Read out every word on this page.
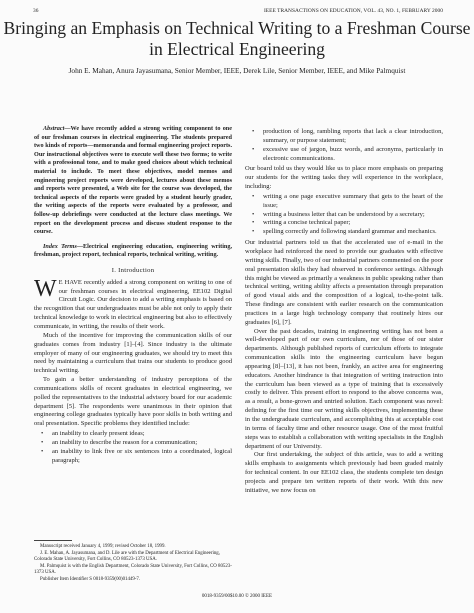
36	IEEE TRANSACTIONS ON EDUCATION, VOL. 43, NO. 1, FEBRUARY 2000
Bringing an Emphasis on Technical Writing to a Freshman Course in Electrical Engineering
John E. Mahan, Anura Jayasumana, Senior Member, IEEE, Derek Lile, Senior Member, IEEE, and Mike Palmquist

Abstract—We have recently added a strong writing component to one of our freshman courses in electrical engineering. The students prepared two kinds of reports—memoranda and formal engineering project reports. Our instructional objectives were to execute well these two forms; to write with a professional tone, and to make good choices about which technical material to include. To meet these objectives, model memos and engineering project reports were developed, lectures about these memos and reports were presented, a Web site for the course was developed, the technical aspects of the reports were graded by a student hourly grader, the writing aspects of the reports were evaluated by a professor, and follow-up debriefings were conducted at the lecture class meetings. We report on the development process and discuss student response to the course.

Index Terms—Electrical engineering education, engineering writing, freshman, project report, technical reports, technical writing, writing.

I. Introduction

W E HAVE recently added a strong component on writing to one of our freshman courses in electrical engineering, EE102 Digital Circuit Logic. Our decision to add a writing emphasis is based on the recognition that our undergraduates must be able not only to apply their technical knowledge to work in electrical engineering but also to effectively communicate, in writing, the results of their work.

Much of the incentive for improving the communication skills of our graduates comes from industry [1]–[4]. Since industry is the ultimate employer of many of our engineering graduates, we should try to meet this need by maintaining a curriculum that trains our students to produce good technical writing.

To gain a better understanding of industry perceptions of the communications skills of recent graduates in electrical engineering, we polled the representatives to the industrial advisory board for our academic department [5]. The respondents were unanimous in their opinion that engineering college graduates typically have poor skills in both writing and oral presentation. Specific problems they identified include:

• an inability to clearly present ideas;
• an inability to describe the reason for a communication;
• an inability to link five or six sentences into a coordinated, logical paragraph;

Manuscript received January 4, 1999; revised October 18, 1999.

J. E. Mahan, A. Jayasumana, and D. Lile are with the Department of Electrical Engineering, Colorado State University, Fort Collins, CO 80523-1373 USA.

M. Palmquist is with the English Department, Colorado State University, Fort Collins, CO 80523-1373 USA.

Publisher Item Identifier S 0018-9359(00)01449-7.

• production of long, rambling reports that lack a clear introduction, summary, or purpose statement;
• excessive use of jargon, buzz words, and acronyms, particularly in electronic communications.

Our board told us they would like us to place more emphasis on preparing our students for the writing tasks they will experience in the workplace, including:

• writing a one page executive summary that gets to the heart of the issue;
• writing a business letter that can be understood by a secretary;
• writing a concise technical paper;
• spelling correctly and following standard grammar and mechanics.

Our industrial partners told us that the accelerated use of e-mail in the workplace had reinforced the need to provide our graduates with effective writing skills. Finally, two of our industrial partners commented on the poor oral presentation skills they had observed in conference settings. Although this might be viewed as primarily a weakness in public speaking rather than technical writing, writing ability affects a presentation through preparation of good visual aids and the composition of a logical, to-the-point talk. These findings are consistent with earlier research on the communication practices in a large high technology company that routinely hires our graduates [6], [7].

Over the past decades, training in engineering writing has not been a well-developed part of our own curriculum, nor of those of our sister departments. Although published reports of curriculum efforts to integrate communication skills into the engineering curriculum have begun appearing [8]–[13], it has not been, frankly, an active area for engineering educators. Another hindrance is that integration of writing instruction into the curriculum has been viewed as a type of training that is excessively costly to deliver. This present effort to respond to the above concerns was, as a result, a bone-grown and untried solution. Each component was novel: defining for the first time our writing skills objectives, implementing these in the undergraduate curriculum, and accomplishing this at acceptable cost in terms of faculty time and other resource usage. One of the most fruitful steps was to establish a collaboration with writing specialists in the English department of our University.

Our first undertaking, the subject of this article, was to add a writing skills emphasis to assignments which previously had been graded mainly for technical content. In our EE102 class, the students complete ten design projects and prepare ten written reports of their work. With this new initiative, we now focus on

0018-9359/00$10.00 © 2000 IEEE
